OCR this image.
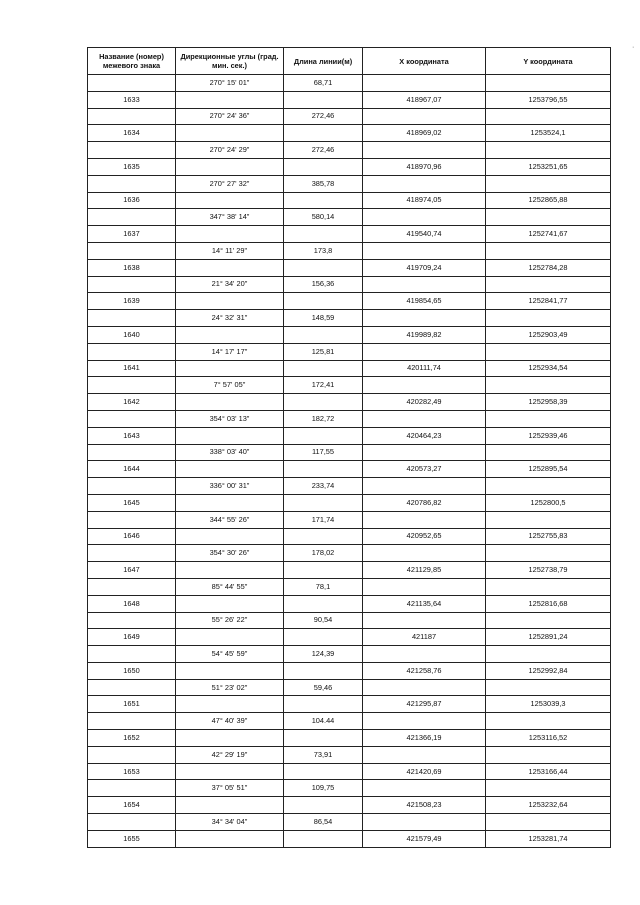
Название (номер) межевого знака	Дирекционные углы (град. мин. сек.)	Длина линии(м)	X координата	Y координата
	270° 15' 01"	68,71		
1633			418967,07	1253796,55
	270° 24' 36"	272,46		
1634			418969,02	1253524,1
	270° 24' 29"	272,46		
1635			418970,96	1253251,65
	270° 27' 32"	385,78		
1636			418974,05	1252865,88
	347° 38' 14"	580,14		
1637			419540,74	1252741,67
	14° 11' 29"	173,8		
1638			419709,24	1252784,28
	21° 34' 20"	156,36		
1639			419854,65	1252841,77
	24° 32' 31"	148,59		
1640			419989,82	1252903,49
	14° 17' 17"	125,81		
1641			420111,74	1252934,54
	7° 57' 05"	172,41		
1642			420282,49	1252958,39
	354° 03' 13"	182,72		
1643			420464,23	1252939,46
	338° 03' 40"	117,55		
1644			420573,27	1252895,54
	336° 00' 31"	233,74		
1645			420786,82	1252800,5
	344° 55' 26"	171,74		
1646			420952,65	1252755,83
	354° 30' 26"	178,02		
1647			421129,85	1252738,79
	85° 44' 55"	78,1		
1648			421135,64	1252816,68
	55° 26' 22"	90,54		
1649			421187	1252891,24
	54° 45' 59"	124,39		
1650			421258,76	1252992,84
	51° 23' 02"	59,46		
1651			421295,87	1253039,3
	47° 40' 39"	104.44		
1652			421366,19	1253116,52
	42° 29' 19"	73,91		
1653			421420,69	1253166,44
	37° 05' 51"	109,75		
1654			421508,23	1253232,64
	34° 34' 04"	86,54		
1655			421579,49	1253281,74
·
